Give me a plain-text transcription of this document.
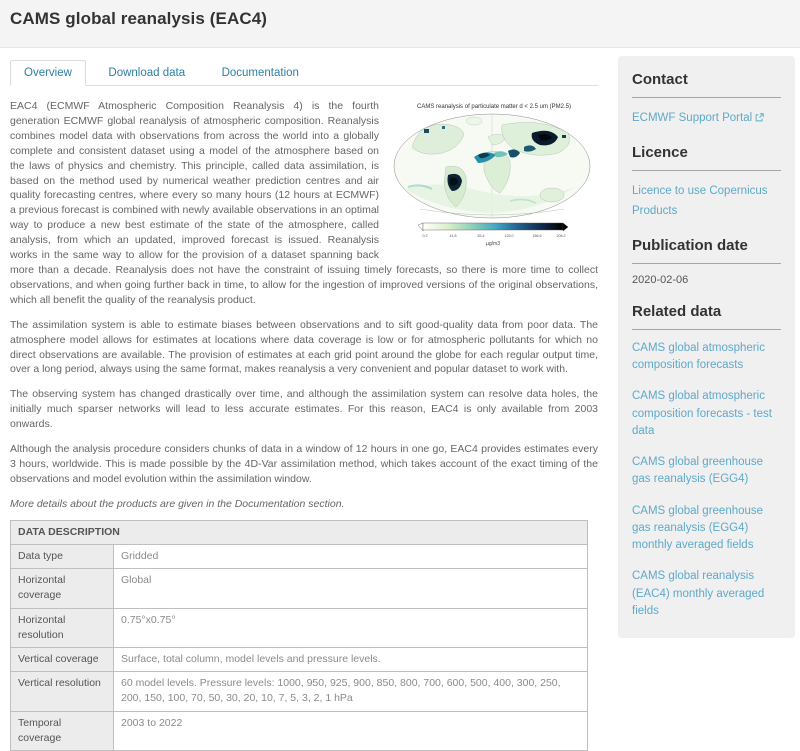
CAMS global reanalysis (EAC4)
Overview	Download data	Documentation
CAMS reanalysis of particulate matter d < 2.5 um (PM2.5)
0.2	41.8	83.4	125.0	166.6	208.2
µg/m3

EAC4 (ECMWF Atmospheric Composition Reanalysis 4) is the fourth generation ECMWF global reanalysis of atmospheric composition. Reanalysis combines model data with observations from across the world into a globally complete and consistent dataset using a model of the atmosphere based on the laws of physics and chemistry. This principle, called data assimilation, is based on the method used by numerical weather prediction centres and air quality forecasting centres, where every so many hours (12 hours at ECMWF) a previous forecast is combined with newly available observations in an optimal way to produce a new best estimate of the state of the atmosphere, called analysis, from which an updated, improved forecast is issued. Reanalysis works in the same way to allow for the provision of a dataset spanning back more than a decade. Reanalysis does not have the constraint of issuing timely forecasts, so there is more time to collect observations, and when going further back in time, to allow for the ingestion of improved versions of the original observations, which all benefit the quality of the reanalysis product.

The assimilation system is able to estimate biases between observations and to sift good-quality data from poor data. The atmosphere model allows for estimates at locations where data coverage is low or for atmospheric pollutants for which no direct observations are available. The provision of estimates at each grid point around the globe for each regular output time, over a long period, always using the same format, makes reanalysis a very convenient and popular dataset to work with.

The observing system has changed drastically over time, and although the assimilation system can resolve data holes, the initially much sparser networks will lead to less accurate estimates. For this reason, EAC4 is only available from 2003 onwards.

Although the analysis procedure considers chunks of data in a window of 12 hours in one go, EAC4 provides estimates every 3 hours, worldwide. This is made possible by the 4D-Var assimilation method, which takes account of the exact timing of the observations and model evolution within the assimilation window.

More details about the products are given in the Documentation section.

DATA DESCRIPTION	
Data type	Gridded
Horizontal coverage	Global
Horizontal resolution	0.75°x0.75°
Vertical coverage	Surface, total column, model levels and pressure levels.
Vertical resolution	60 model levels. Pressure levels: 1000, 950, 925, 900, 850, 800, 700, 600, 500, 400, 300, 250, 200, 150, 100, 70, 50, 30, 20, 10, 7, 5, 3, 2, 1 hPa
Temporal coverage	2003 to 2022
Contact
ECMWF Support Portal
Licence
Licence to use Copernicus Products
Publication date

2020-02-06

Related data
CAMS global atmospheric composition forecasts
CAMS global atmospheric composition forecasts - test data
CAMS global greenhouse gas reanalysis (EGG4)
CAMS global greenhouse gas reanalysis (EGG4) monthly averaged fields
CAMS global reanalysis (EAC4) monthly averaged fields
